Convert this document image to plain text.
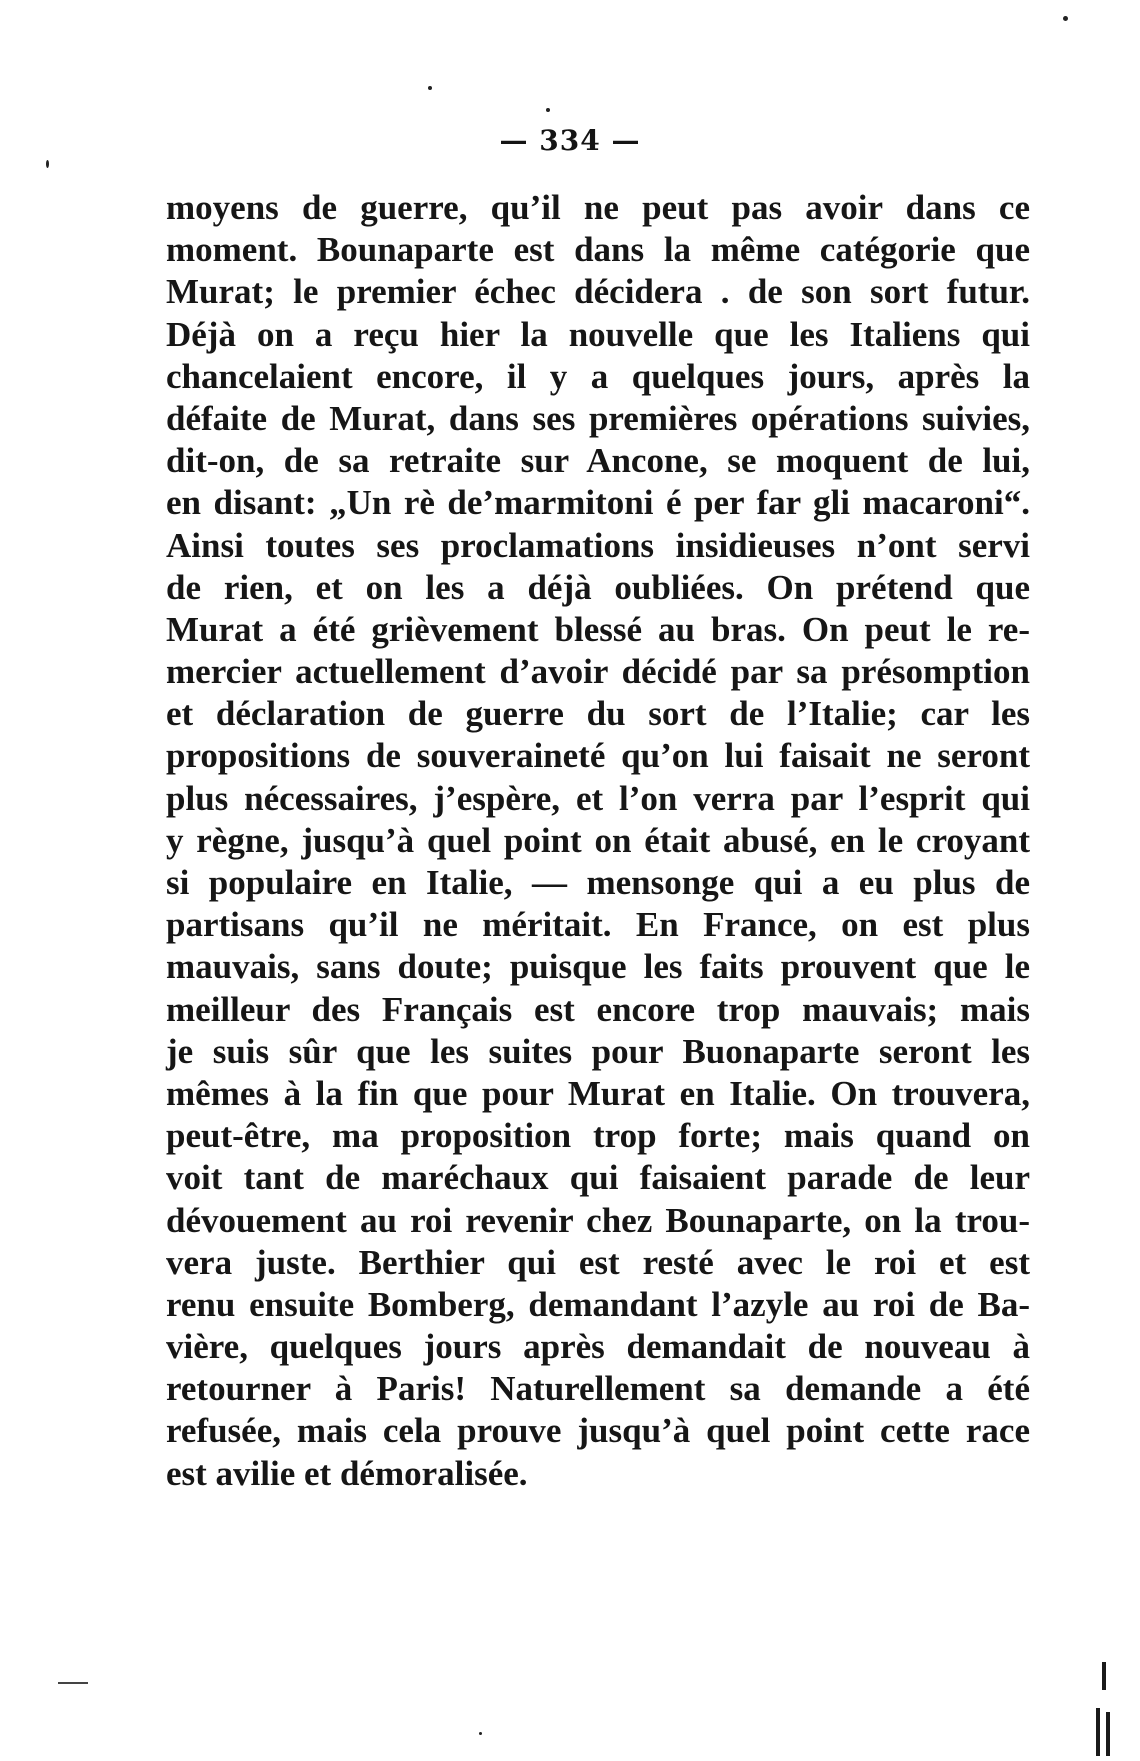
— 334 —
moyens de guerre, qu’il ne peut pas avoir dans ce
moment. Bounaparte est dans la même catégorie que
Murat; le premier échec décidera . de son sort futur.
Déjà on a reçu hier la nouvelle que les Italiens qui
chancelaient encore, il y a quelques jours, après la
défaite de Murat, dans ses premières opérations suivies,
dit-on, de sa retraite sur Ancone, se moquent de lui,
en disant: „Un rè de’marmitoni é per far gli macaroni“.
Ainsi toutes ses proclamations insidieuses n’ont servi
de rien, et on les a déjà oubliées. On prétend que
Murat a été grièvement blessé au bras. On peut le re-
mercier actuellement d’avoir décidé par sa présomption
et déclaration de guerre du sort de l’Italie; car les
propositions de souveraineté qu’on lui faisait ne seront
plus nécessaires, j’espère, et l’on verra par l’esprit qui
y règne, jusqu’à quel point on était abusé, en le croyant
si populaire en Italie, — mensonge qui a eu plus de
partisans qu’il ne méritait. En France, on est plus
mauvais, sans doute; puisque les faits prouvent que le
meilleur des Français est encore trop mauvais; mais
je suis sûr que les suites pour Buonaparte seront les
mêmes à la fin que pour Murat en Italie. On trouvera,
peut-être, ma proposition trop forte; mais quand on
voit tant de maréchaux qui faisaient parade de leur
dévouement au roi revenir chez Bounaparte, on la trou-
vera juste. Berthier qui est resté avec le roi et est
renu ensuite Bomberg, demandant l’azyle au roi de Ba-
vière, quelques jours après demandait de nouveau à
retourner à Paris! Naturellement sa demande a été
refusée, mais cela prouve jusqu’à quel point cette race
est avilie et démoralisée.
